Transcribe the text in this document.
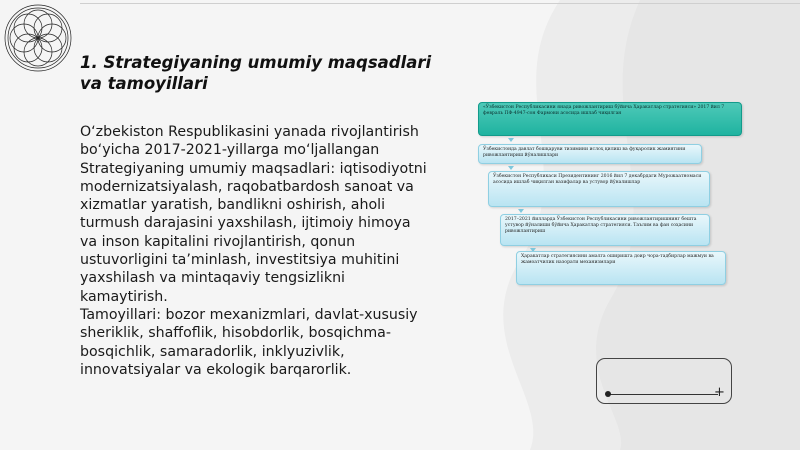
1. Strategiyaning umumiy maqsadlari va tamoyillari

O‘zbekiston Respublikasini yanada rivojlantirish bo‘yicha 2017-2021-yillarga mo‘ljallangan Strategiyaning umumiy maqsadlari: iqtisodiyotni modernizatsiyalash, raqobatbardosh sanoat va xizmatlar yaratish, bandlikni oshirish, aholi turmush darajasini yaxshilash, ijtimoiy himoya va inson kapitalini rivojlantirish, qonun ustuvorligini ta’minlash, investitsiya muhitini yaxshilash va mintaqaviy tengsizlikni kamaytirish.

Tamoyillari: bozor mexanizmlari, davlat-xususiy sheriklik, shaffoflik, hisobdorlik, bosqichma-bosqichlik, samaradorlik, inklyuzivlik, innovatsiyalar va ekologik barqarorlik.

«Ўзбекистон Республикасини янада ривожлантириш бўйича Ҳаракатлар стратегияси» 2017 йил 7 февраль ПФ-4947-сон Фармони асосида ишлаб чиқилган
Ўзбекистонда давлат бошқаруви тизимини ислоҳ қилиш ва фуқаролик жамиятини ривожлантириш йўналишлари
Ўзбекистон Республикаси Президентининг 2016 йил 7 декабрдаги Мурожаатномаси асосида ишлаб чиқилган вазифалар ва устувор йўналишлар
2017–2021 йилларда Ўзбекистон Республикасини ривожлантиришнинг бешта устувор йўналиши бўйича Ҳаракатлар стратегияси. Таълим ва фан соҳасини ривожлантириш
Ҳаракатлар стратегиясини амалга оширишга доир чора-тадбирлар мажмуи ва жамоатчилик назорати механизмлари
+
